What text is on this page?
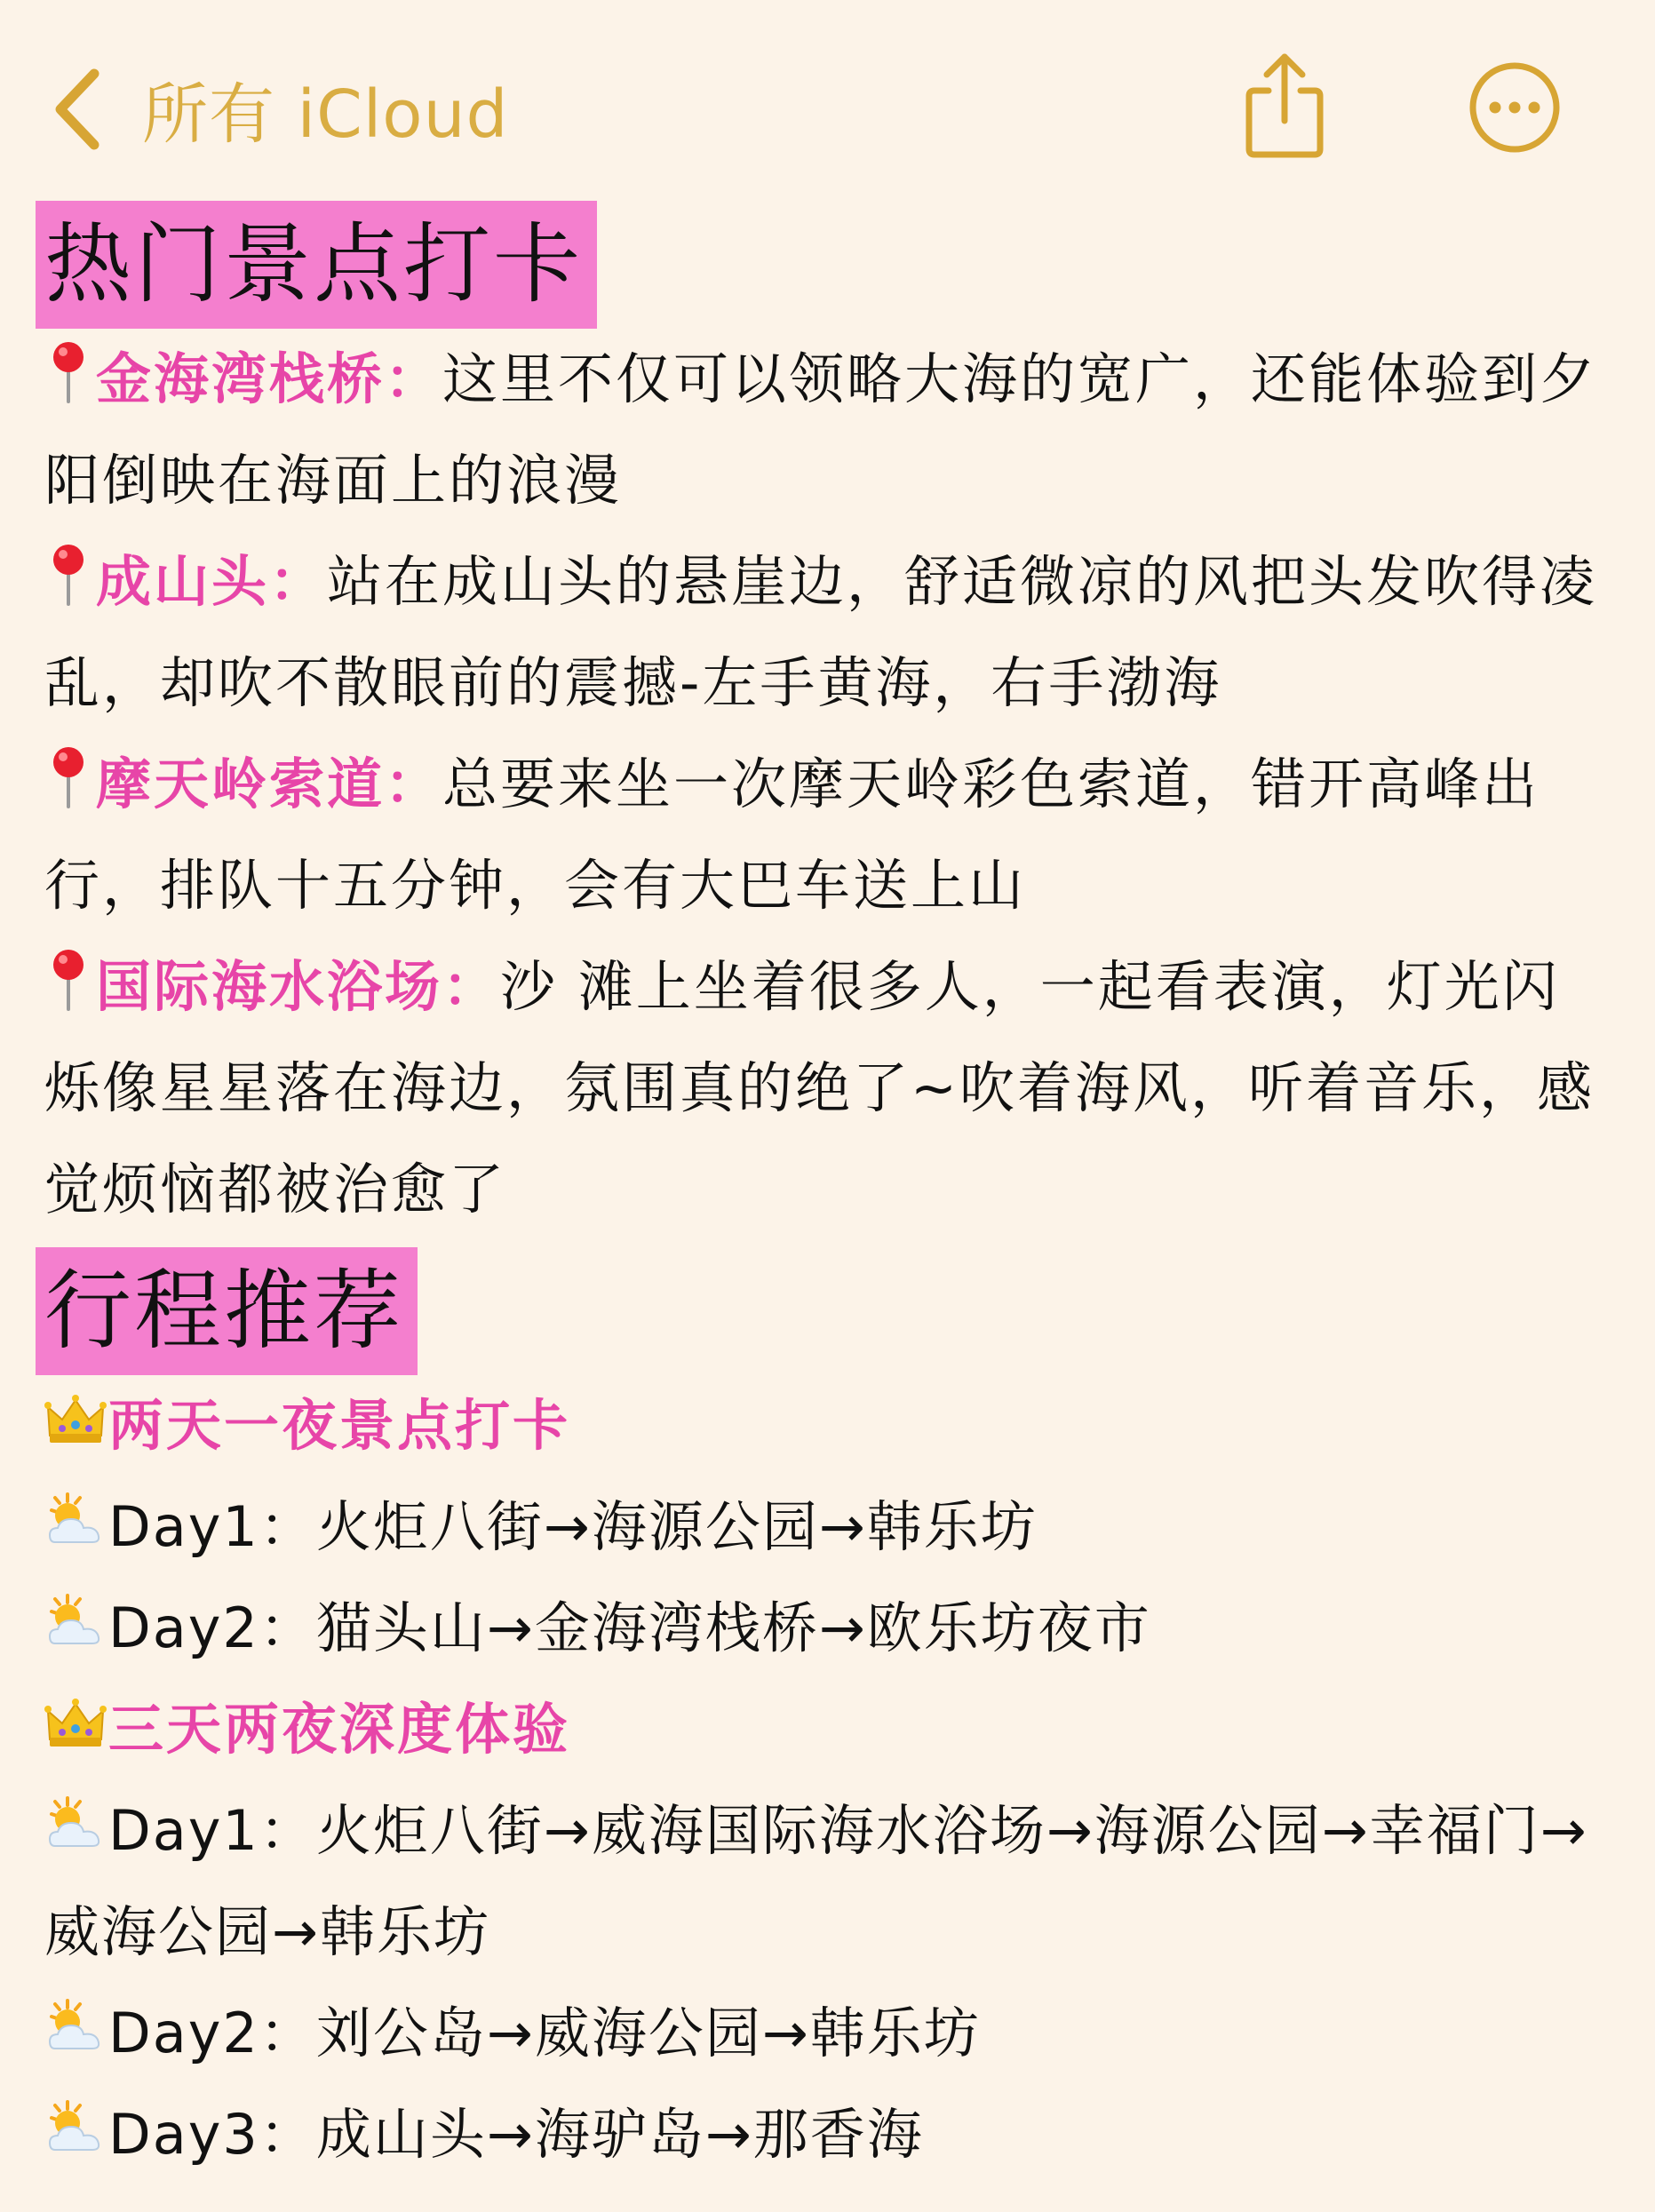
所有 iCloud
热门景点打卡

金海湾栈桥：这里不仅可以领略大海的宽广，还能体验到夕阳倒映在海面上的浪漫

成山头：站在成山头的悬崖边，舒适微凉的风把头发吹得凌乱，却吹不散眼前的震撼-左手黄海，右手渤海

摩天岭索道：总要来坐一次摩天岭彩色索道，错开高峰出行，排队十五分钟，会有大巴车送上山

国际海水浴场：沙 滩上坐着很多人，一起看表演，灯光闪烁像星星落在海边，氛围真的绝了~吹着海风，听着音乐，感觉烦恼都被治愈了

行程推荐

两天一夜景点打卡

Day1：火炬八街→海源公园→韩乐坊

Day2：猫头山→金海湾栈桥→欧乐坊夜市

三天两夜深度体验

Day1：火炬八街→威海国际海水浴场→海源公园→幸福门→威海公园→韩乐坊

Day2：刘公岛→威海公园→韩乐坊

Day3：成山头→海驴岛→那香海
